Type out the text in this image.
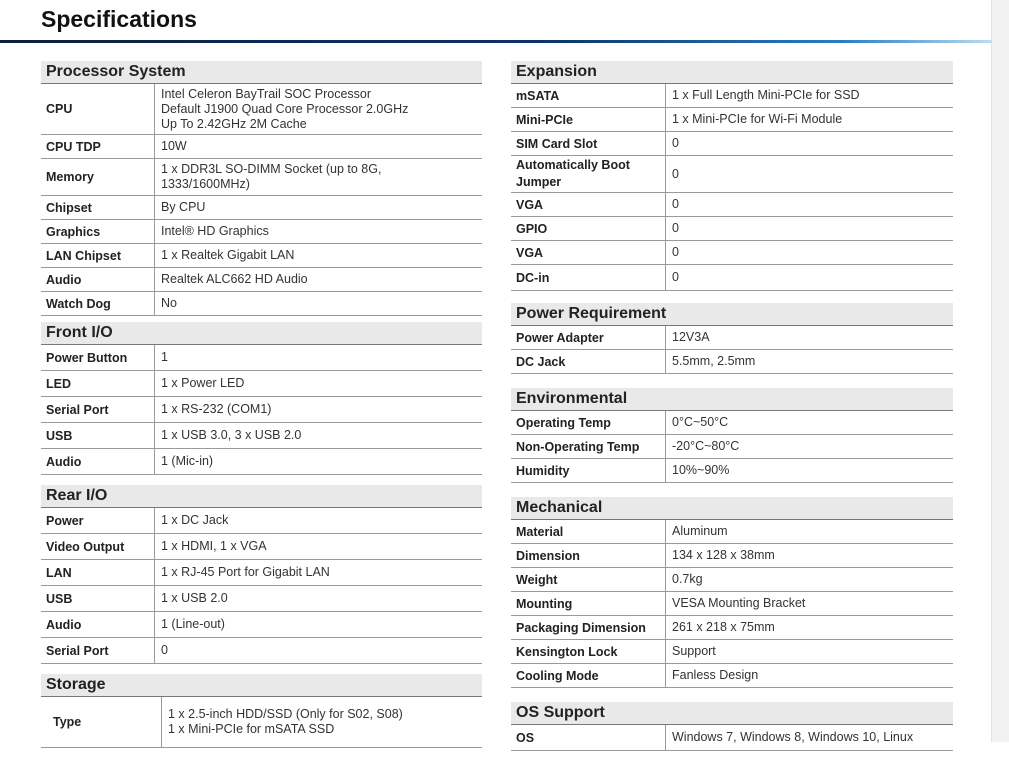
Specifications
Processor System
CPU	Intel Celeron BayTrail SOC Processor
Default J1900 Quad Core Processor 2.0GHz
Up To 2.42GHz 2M Cache
CPU TDP	10W
Memory	1 x DDR3L SO-DIMM Socket (up to 8G,
1333/1600MHz)
Chipset	By CPU
Graphics	Intel® HD Graphics
LAN Chipset	1 x Realtek Gigabit LAN
Audio	Realtek ALC662 HD Audio
Watch Dog	No
Front I/O
Power Button	1
LED	1 x Power LED
Serial Port	1 x RS-232 (COM1)
USB	1 x USB 3.0, 3 x USB 2.0
Audio	1 (Mic-in)
Rear I/O
Power	1 x DC Jack
Video Output	1 x HDMI, 1 x VGA
LAN	1 x RJ-45 Port for Gigabit LAN
USB	1 x USB 2.0
Audio	1 (Line-out)
Serial Port	0
Storage
Type	1 x 2.5-inch HDD/SSD (Only for S02, S08)
1 x Mini-PCIe for mSATA SSD
Expansion
mSATA	1 x Full Length Mini-PCIe for SSD
Mini-PCIe	1 x Mini-PCIe for Wi-Fi Module
SIM Card Slot	0
Automatically Boot
Jumper	0
VGA	0
GPIO	0
VGA	0
DC-in	0
Power Requirement
Power Adapter	12V3A
DC Jack	5.5mm, 2.5mm
Environmental
Operating Temp	0°C~50°C
Non-Operating Temp	-20°C~80°C
Humidity	10%~90%
Mechanical
Material	Aluminum
Dimension	134 x 128 x 38mm
Weight	0.7kg
Mounting	VESA Mounting Bracket
Packaging Dimension	261 x 218 x 75mm
Kensington Lock	Support
Cooling Mode	Fanless Design
OS Support
OS	Windows 7, Windows 8, Windows 10, Linux
